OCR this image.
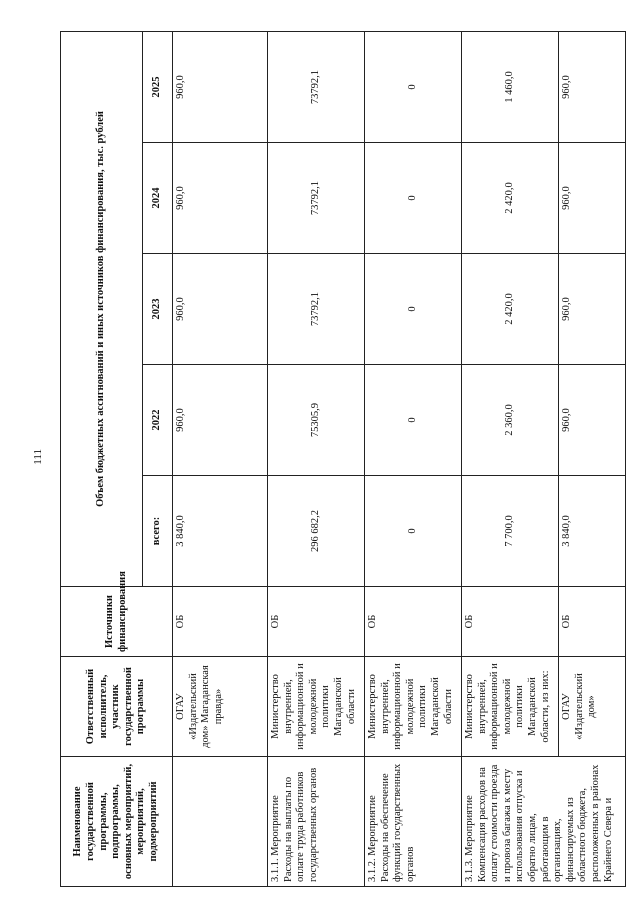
111
Наименование государственной программы, подпрограммы, основных мероприятий, мероприятий, подмероприятий	Ответственный исполнитель, участник государственной программы	Источники финансирования	Объем бюджетных ассигнований и иных источников финансирования, тыс. рублей				
			всего:	2022	2023	2024	2025
	ОГАУ «Издательский дом» Магаданская правда»	ОБ	3 840,0	960,0	960,0	960,0	960,0
3.1.1. Мероприятие Расходы на выплаты по оплате труда работников государственных органов	Министерство внутренней, информационной и молодежной политики Магаданской области	ОБ	296 682,2	75305,9	73792,1	73792,1	73792,1
3.1.2. Мероприятие Расходы на обеспечение функций государственных органов	Министерство внутренней, информационной и молодежной политики Магаданской области	ОБ	0	0	0	0	0
3.1.3. Мероприятие Компенсация расходов на оплату стоимости проезда и провоза багажа к месту использования отпуска и обратно лицам, работающим в организациях, финансируемых из областного бюджета, расположенных в районах Крайнего Севера и	Министерство внутренней, информационной и молодежной политики Магаданской области, из них:	ОБ	7 700,0	2 360,0	2 420,0	2 420,0	1 460,0
	ОГАУ «Издательский дом»	ОБ	3 840,0	960,0	960,0	960,0	960,0
